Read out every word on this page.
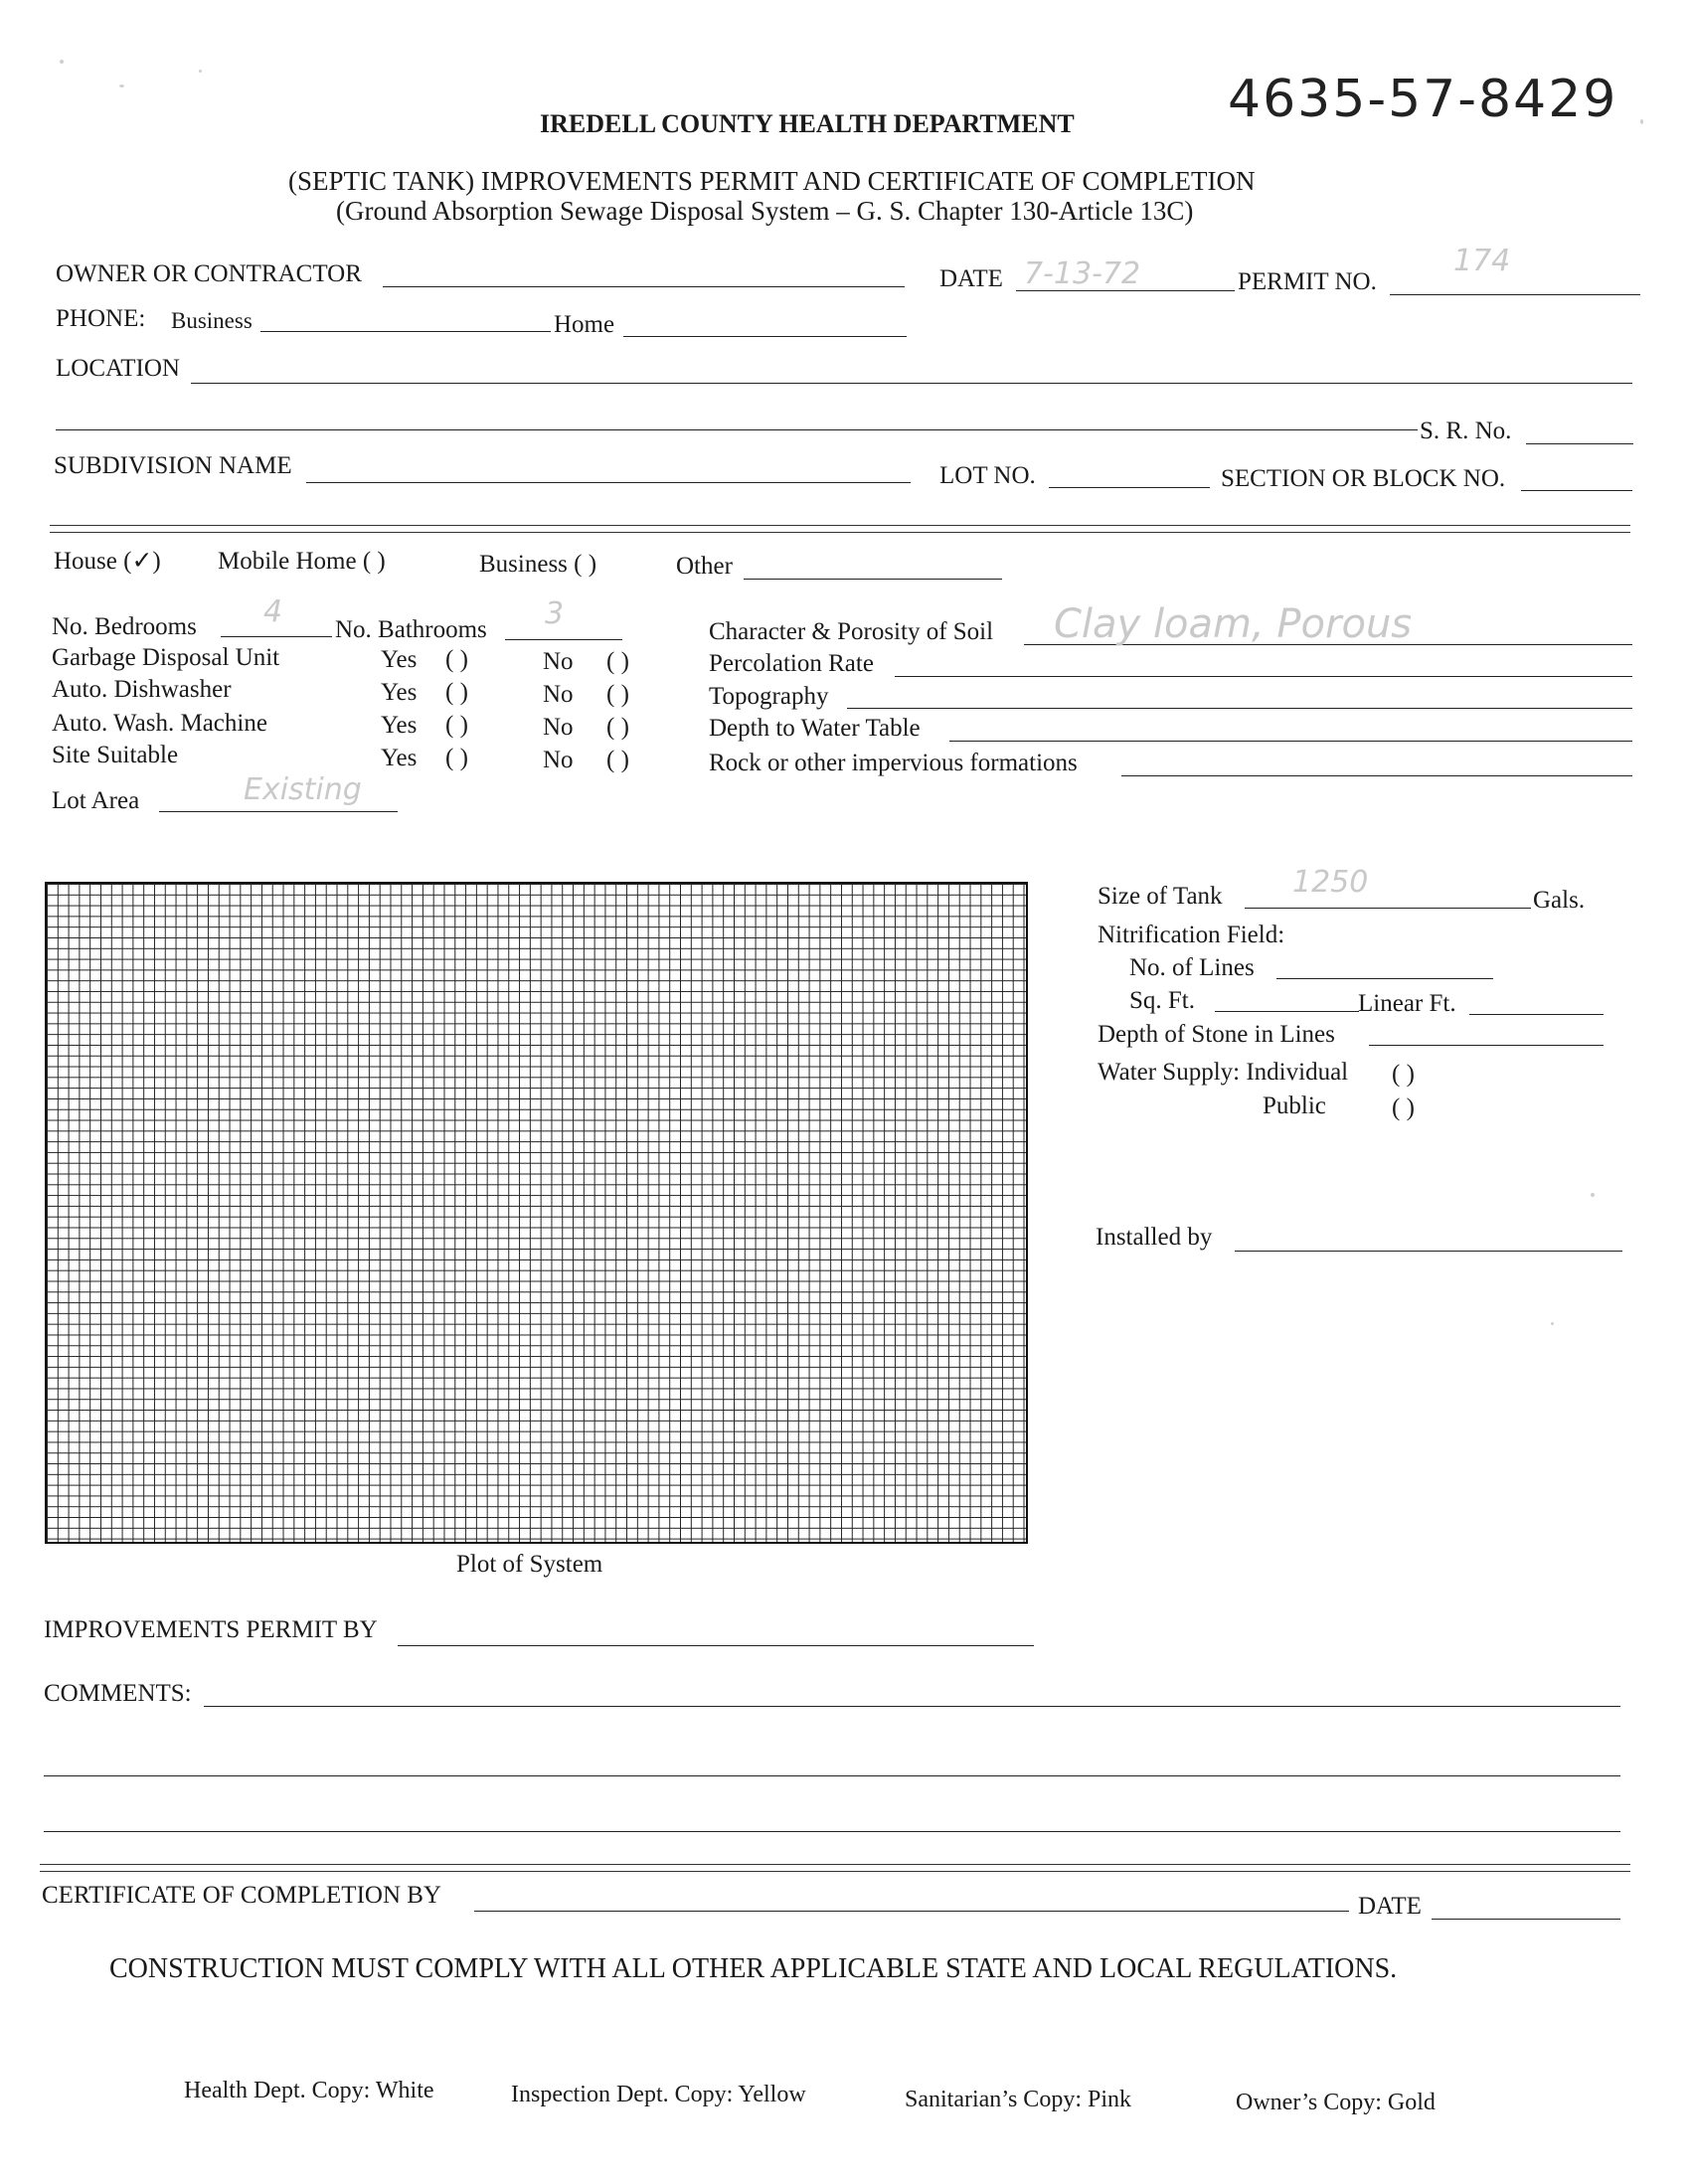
4635-57-8429
IREDELL COUNTY HEALTH DEPARTMENT
(SEPTIC TANK) IMPROVEMENTS PERMIT AND CERTIFICATE OF COMPLETION
(Ground Absorption Sewage Disposal System – G. S. Chapter 130-Article 13C)
OWNER OR CONTRACTOR	DATE 7-13-72	PERMIT NO.
174
PHONE: Business	Home
LOCATION
S. R. No.
SUBDIVISION NAME	LOT NO.	SECTION OR BLOCK NO.
House (✓) Mobile Home ( )	Business ( )	Other
No. Bedrooms 4
No. Bathrooms 3
Garbage Disposal Unit	Yes ( )	No ( )
Auto. Dishwasher	Yes ( )	No ( )
Auto. Wash. Machine	Yes ( )	No ( )
Site Suitable	Yes ( )	No ( )
Lot Area	Existing
Character & Porosity of Soil Clay loam, Porous
Percolation Rate
Topography
Depth to Water Table
Rock or other impervious formations
Plot of System
Size of Tank 1250
Gals.
Nitrification Field:
No. of Lines
Sq. Ft.	Linear Ft.
Depth of Stone in Lines
Water Supply: Individual ( )
Public	( )
Installed by
IMPROVEMENTS PERMIT BY
COMMENTS:
CERTIFICATE OF COMPLETION BY	DATE
CONSTRUCTION MUST COMPLY WITH ALL OTHER APPLICABLE STATE AND LOCAL REGULATIONS.
Health Dept. Copy: White	Inspection Dept. Copy: Yellow	Sanitarian’s Copy: Pink	Owner’s Copy: Gold
